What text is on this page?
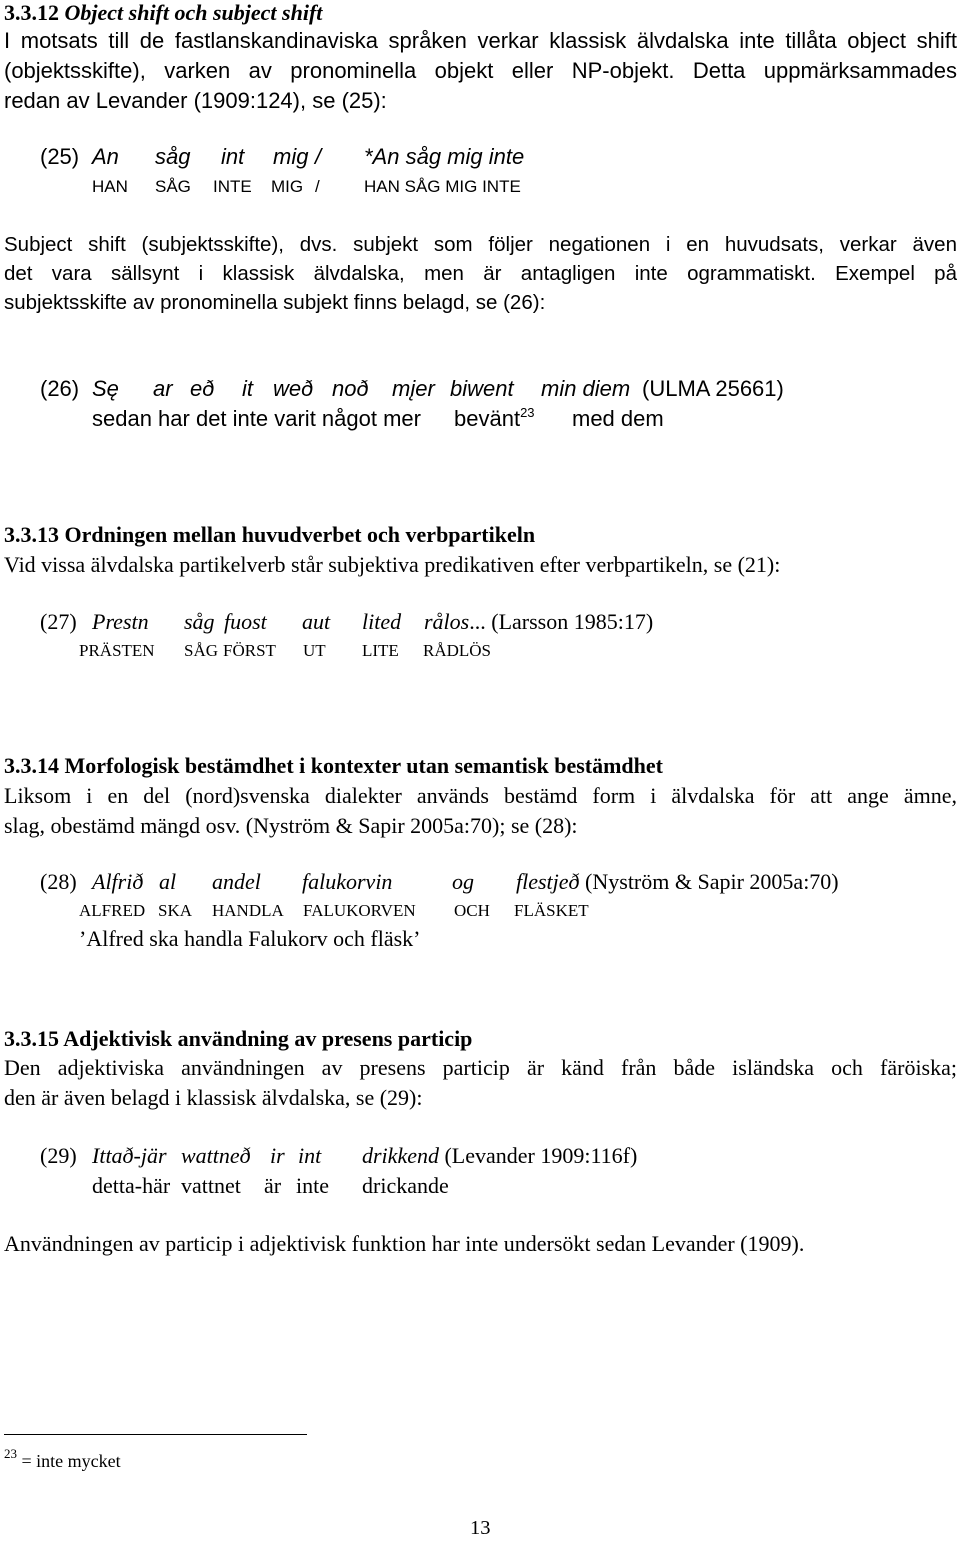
3.3.12 Object shift och subject shift
I motsats till de fastlanskandinaviska språken verkar klassisk älvdalska inte tillåta object shift
(objektsskifte), varken av pronominella objekt eller NP-objekt. Detta uppmärksammades
redan av Levander (1909:124), se (25):
(25) An såg int mig / *An såg mig inte
HAN SÅG INTE MIG /	HAN SÅG MIG INTE
Subject shift (subjektsskifte), dvs. subjekt som följer negationen i en huvudsats, verkar även
det vara sällsynt i klassisk älvdalska, men är antagligen inte ogrammatiskt. Exempel på
subjektsskifte av pronominella subjekt finns belagd, se (26):
(26) Sę ar eð it weð noð mįer biwent min diem (ULMA 25661)
sedan har det inte varit något mer bevänt$^{23}$ med dem
3.3.13 Ordningen mellan huvudverbet och verbpartikeln
Vid vissa älvdalska partikelverb står subjektiva predikativen efter verbpartikeln, se (21):
(27) Prestn såg fuost aut lited rålos... (Larsson 1985:17)
PRÄSTEN SÅG FÖRST UT LITE RÅDLÖS
3.3.14 Morfologisk bestämdhet i kontexter utan semantisk bestämdhet
Liksom i en del (nord)svenska dialekter används bestämd form i älvdalska för att ange ämne,
slag, obestämd mängd osv. (Nyström & Sapir 2005a:70); se (28):
(28) Alfrið al andel falukorvin	og flestjeð (Nyström & Sapir 2005a:70)
ALFRED SKA HANDLA FALUKORVEN OCH FLÄSKET
’Alfred ska handla Falukorv och fläsk’
3.3.15 Adjektivisk användning av presens particip
Den adjektiviska användningen av presens particip är känd från både isländska och färöiska;
den är även belagd i klassisk älvdalska, se (29):
(29) Ittað-jär wattneð ir int drikkend (Levander 1909:116f)
detta-här vattnet är inte drickande
Användningen av particip i adjektivisk funktion har inte undersökt sedan Levander (1909).
$^{23}$ = inte mycket
13
